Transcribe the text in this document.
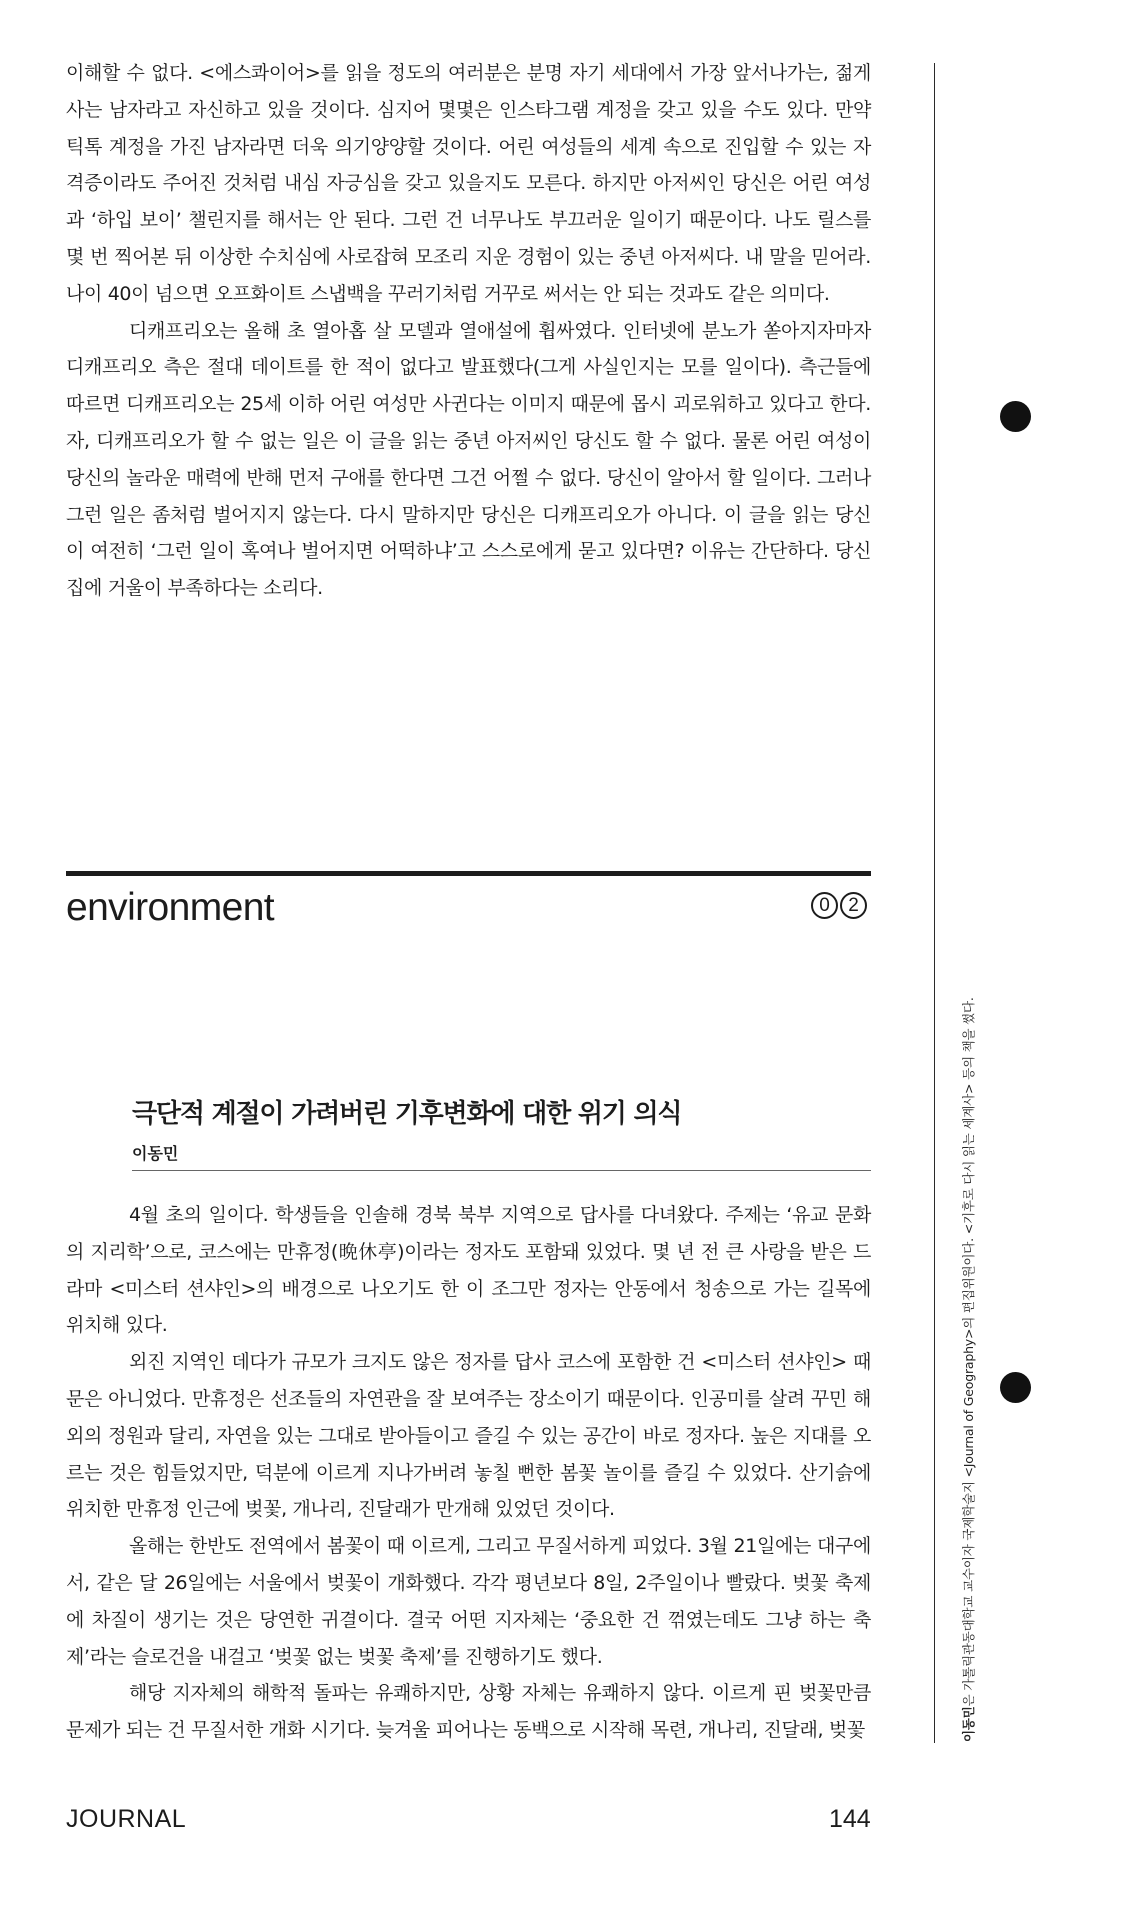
이해할 수 없다. <에스콰이어>를 읽을 정도의 여러분은 분명 자기 세대에서 가장 앞서나가는, 젊게 사는 남자라고 자신하고 있을 것이다. 심지어 몇몇은 인스타그램 계정을 갖고 있을 수도 있다. 만약 틱톡 계정을 가진 남자라면 더욱 의기양양할 것이다. 어린 여성들의 세계 속으로 진입할 수 있는 자격증이라도 주어진 것처럼 내심 자긍심을 갖고 있을지도 모른다. 하지만 아저씨인 당신은 어린 여성과 ‘하입 보이’ 챌린지를 해서는 안 된다. 그런 건 너무나도 부끄러운 일이기 때문이다. 나도 릴스를 몇 번 찍어본 뒤 이상한 수치심에 사로잡혀 모조리 지운 경험이 있는 중년 아저씨다. 내 말을 믿어라. 나이 40이 넘으면 오프화이트 스냅백을 꾸러기처럼 거꾸로 써서는 안 되는 것과도 같은 의미다.

디캐프리오는 올해 초 열아홉 살 모델과 열애설에 휩싸였다. 인터넷에 분노가 쏟아지자마자 디캐프리오 측은 절대 데이트를 한 적이 없다고 발표했다(그게 사실인지는 모를 일이다). 측근들에 따르면 디캐프리오는 25세 이하 어린 여성만 사귄다는 이미지 때문에 몹시 괴로워하고 있다고 한다. 자, 디캐프리오가 할 수 없는 일은 이 글을 읽는 중년 아저씨인 당신도 할 수 없다. 물론 어린 여성이 당신의 놀라운 매력에 반해 먼저 구애를 한다면 그건 어쩔 수 없다. 당신이 알아서 할 일이다. 그러나 그런 일은 좀처럼 벌어지지 않는다. 다시 말하지만 당신은 디캐프리오가 아니다. 이 글을 읽는 당신이 여전히 ‘그런 일이 혹여나 벌어지면 어떡하냐’고 스스로에게 묻고 있다면? 이유는 간단하다. 당신 집에 거울이 부족하다는 소리다.

environment	0 2
극단적 계절이 가려버린 기후변화에 대한 위기 의식
이동민

4월 초의 일이다. 학생들을 인솔해 경북 북부 지역으로 답사를 다녀왔다. 주제는 ‘유교 문화의 지리학’으로, 코스에는 만휴정(晩休亭)이라는 정자도 포함돼 있었다. 몇 년 전 큰 사랑을 받은 드라마 <미스터 션샤인>의 배경으로 나오기도 한 이 조그만 정자는 안동에서 청송으로 가는 길목에 위치해 있다.

외진 지역인 데다가 규모가 크지도 않은 정자를 답사 코스에 포함한 건 <미스터 션샤인> 때문은 아니었다. 만휴정은 선조들의 자연관을 잘 보여주는 장소이기 때문이다. 인공미를 살려 꾸민 해외의 정원과 달리, 자연을 있는 그대로 받아들이고 즐길 수 있는 공간이 바로 정자다. 높은 지대를 오르는 것은 힘들었지만, 덕분에 이르게 지나가버려 놓칠 뻔한 봄꽃 놀이를 즐길 수 있었다. 산기슭에 위치한 만휴정 인근에 벚꽃, 개나리, 진달래가 만개해 있었던 것이다.

올해는 한반도 전역에서 봄꽃이 때 이르게, 그리고 무질서하게 피었다. 3월 21일에는 대구에서, 같은 달 26일에는 서울에서 벚꽃이 개화했다. 각각 평년보다 8일, 2주일이나 빨랐다. 벚꽃 축제에 차질이 생기는 것은 당연한 귀결이다. 결국 어떤 지자체는 ‘중요한 건 꺾였는데도 그냥 하는 축제’라는 슬로건을 내걸고 ‘벚꽃 없는 벚꽃 축제’를 진행하기도 했다.

해당 지자체의 해학적 돌파는 유쾌하지만, 상황 자체는 유쾌하지 않다. 이르게 핀 벚꽃만큼 문제가 되는 건 무질서한 개화 시기다. 늦겨울 피어나는 동백으로 시작해 목련, 개나리, 진달래, 벚꽃

JOURNAL	144
이동민은 가톨릭관동대학교 교수이자 국제학술지 <Journal of Geography>의 편집위원이다. <기후로 다시 읽는 세계사> 등의 책을 썼다.
